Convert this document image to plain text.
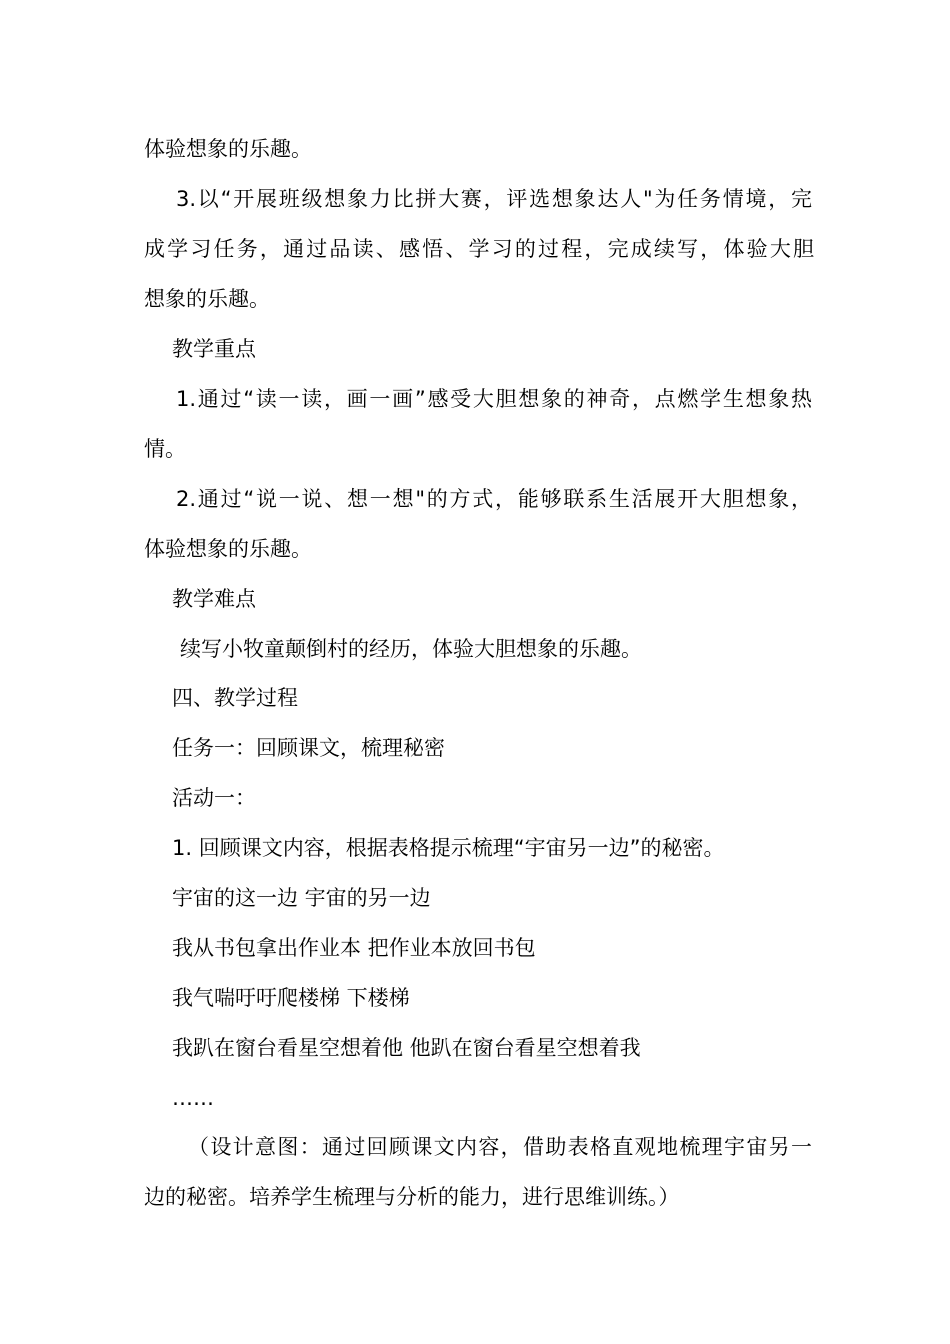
体验想象的乐趣。
3.以“开展班级想象力比拼大赛，评选想象达人"为任务情境，完
成学习任务，通过品读、感悟、学习的过程，完成续写，体验大胆
想象的乐趣。
教学重点
1.通过“读一读，画一画”感受大胆想象的神奇，点燃学生想象热
情。
2.通过“说一说、想一想"的方式，能够联系生活展开大胆想象，
体验想象的乐趣。
教学难点
续写小牧童颠倒村的经历，体验大胆想象的乐趣。
四、教学过程
任务一：回顾课文，梳理秘密
活动一：
1. 回顾课文内容，根据表格提示梳理“宇宙另一边”的秘密。
宇宙的这一边 宇宙的另一边
我从书包拿出作业本 把作业本放回书包
我气喘吁吁爬楼梯 下楼梯
我趴在窗台看星空想着他 他趴在窗台看星空想着我
……
（设计意图：通过回顾课文内容，借助表格直观地梳理宇宙另一
边的秘密。培养学生梳理与分析的能力，进行思维训练。）
